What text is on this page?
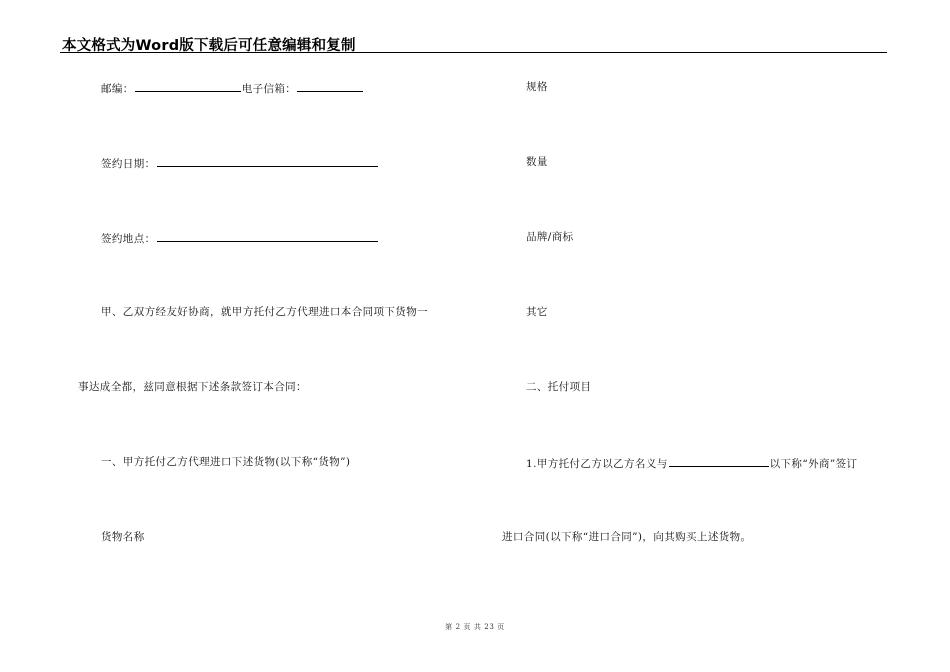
本文格式为Word版下载后可任意编辑和复制
邮编：	电子信箱：
签约日期：
签约地点：
甲、乙双方经友好协商，就甲方托付乙方代理进口本合同项下货物一
事达成全都，兹同意根据下述条款签订本合同：
一、甲方托付乙方代理进口下述货物(以下称“货物”)
货物名称
规格
数量
品牌/商标
其它
二、托付项目
1.甲方托付乙方以乙方名义与	以下称“外商”签订
进口合同(以下称“进口合同”)，向其购买上述货物。
第 2 页 共 23 页
